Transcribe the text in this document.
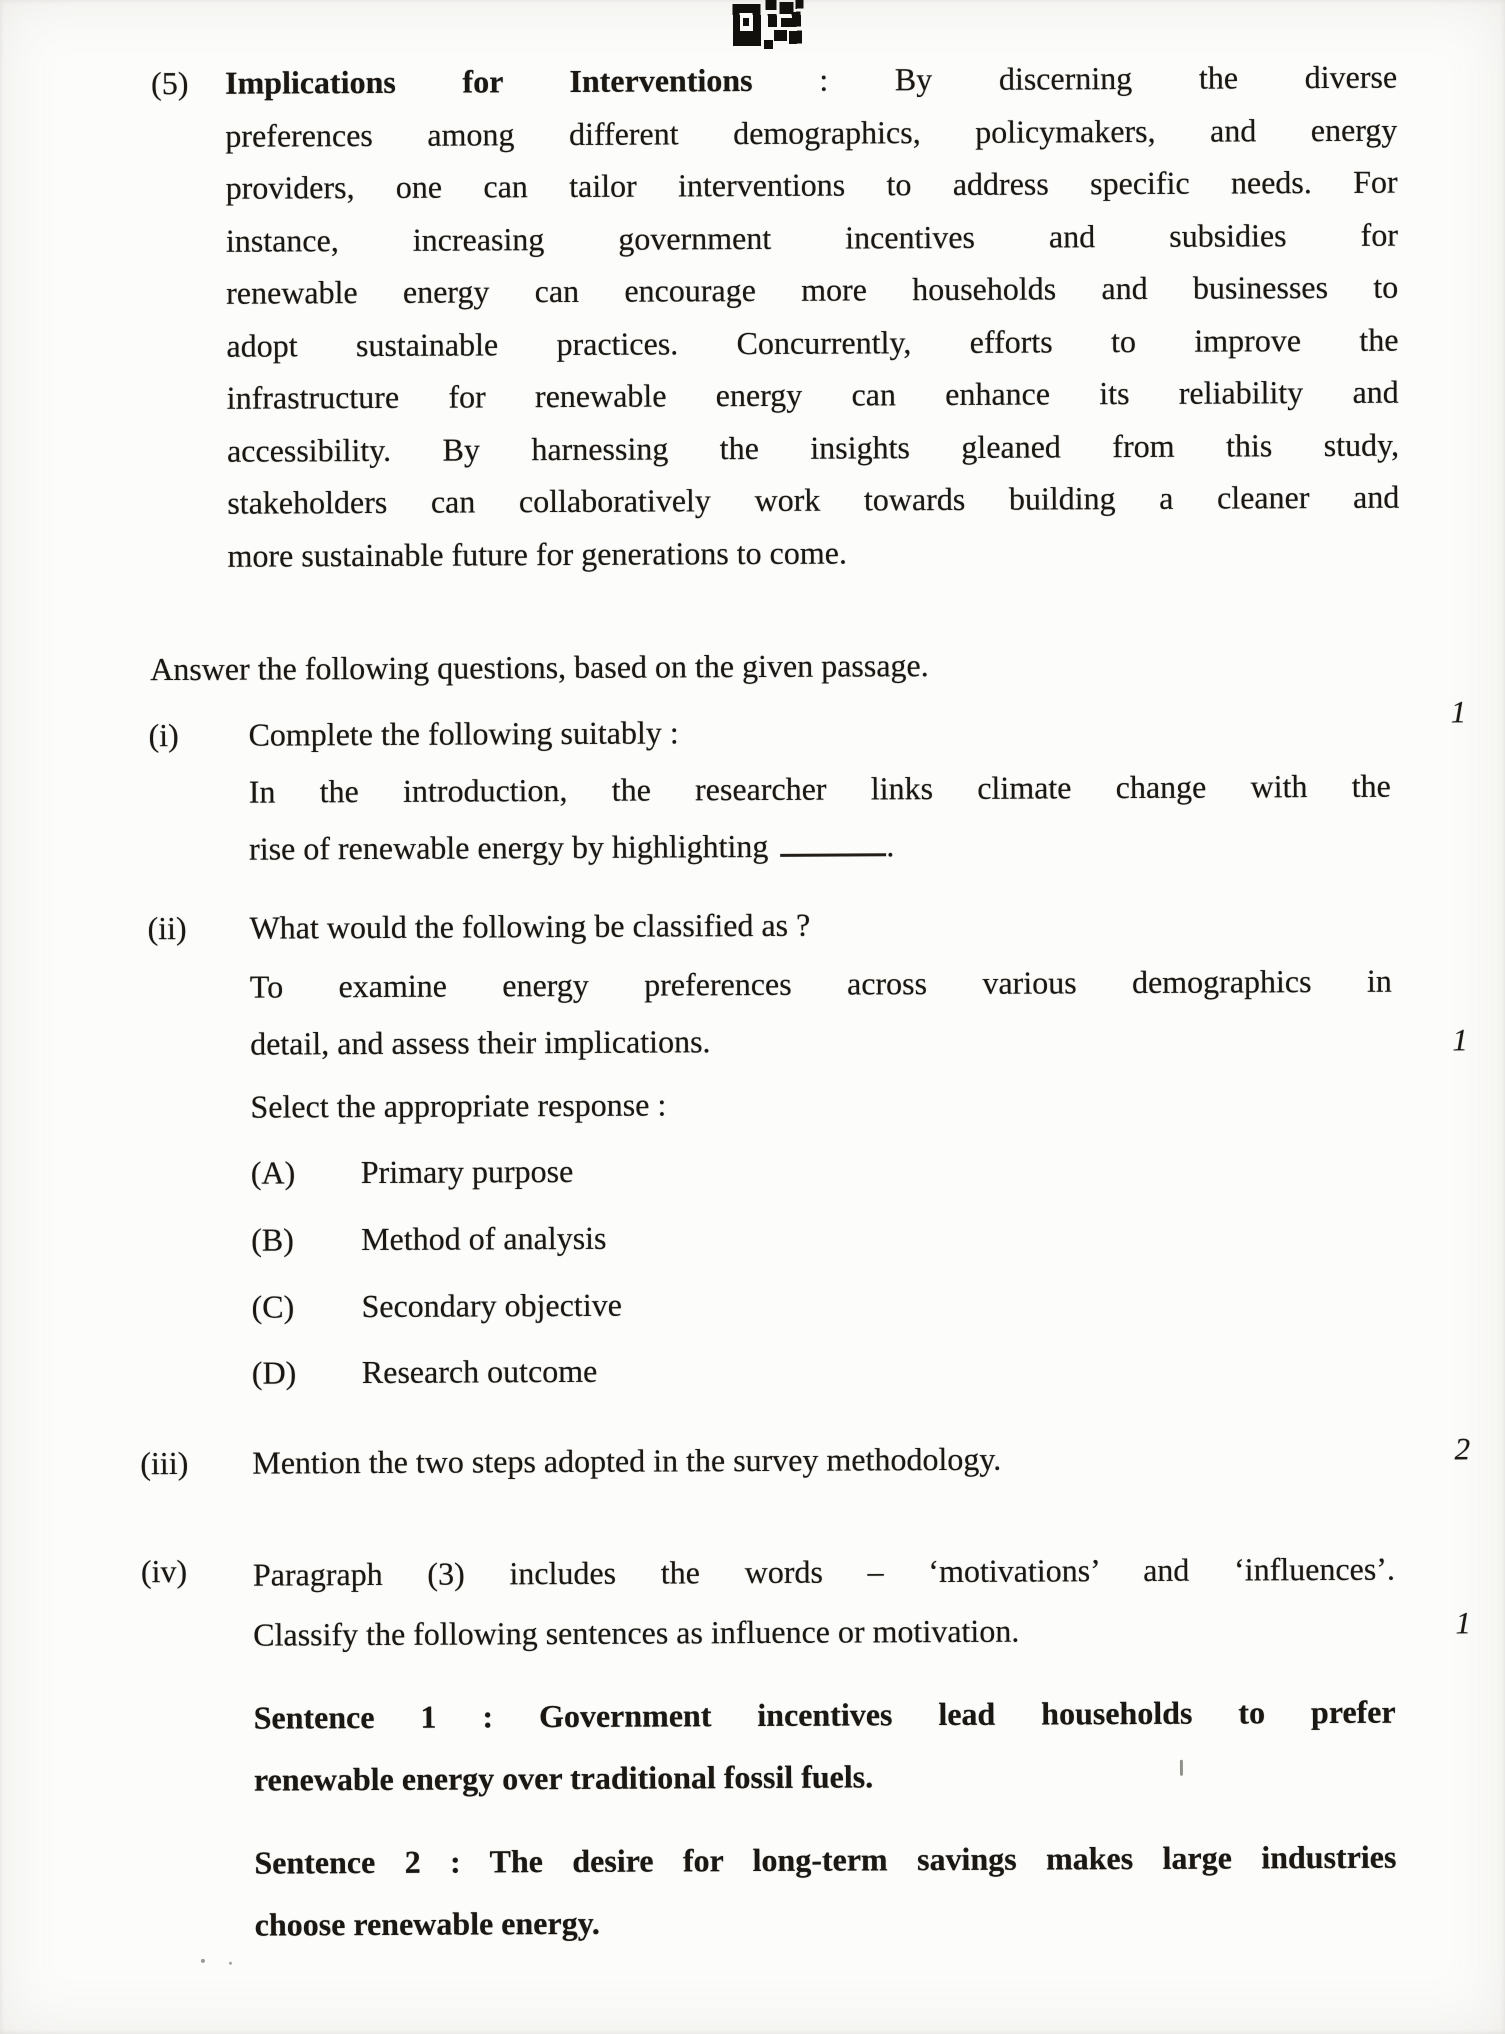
(5) Implications for Interventions : By discerning the diverse
preferences among different demographics, policymakers, and energy
providers, one can tailor interventions to address specific needs. For
instance, increasing government incentives and subsidies for
renewable energy can encourage more households and businesses to
adopt sustainable practices. Concurrently, efforts to improve the
infrastructure for renewable energy can enhance its reliability and
accessibility. By harnessing the insights gleaned from this study,
stakeholders can collaboratively work towards building a cleaner and
more sustainable future for generations to come.
Answer the following questions, based on the given passage.
(i) Complete the following suitably :
In the introduction, the researcher links climate change with the
rise of renewable energy by highlighting	.
1
(ii) What would the following be classified as ?
To examine energy preferences across various demographics in
detail, and assess their implications.
Select the appropriate response :
1
(A) Primary purpose
(B) Method of analysis
(C) Secondary objective
(D) Research outcome
(iii) Mention the two steps adopted in the survey methodology.	2
(iv) Paragraph (3) includes the words – ‘motivations’ and ‘influences’.
Classify the following sentences as influence or motivation.	1
Sentence 1 : Government incentives lead households to prefer
renewable energy over traditional fossil fuels.
Sentence 2 : The desire for long-term savings makes large industries
choose renewable energy.
